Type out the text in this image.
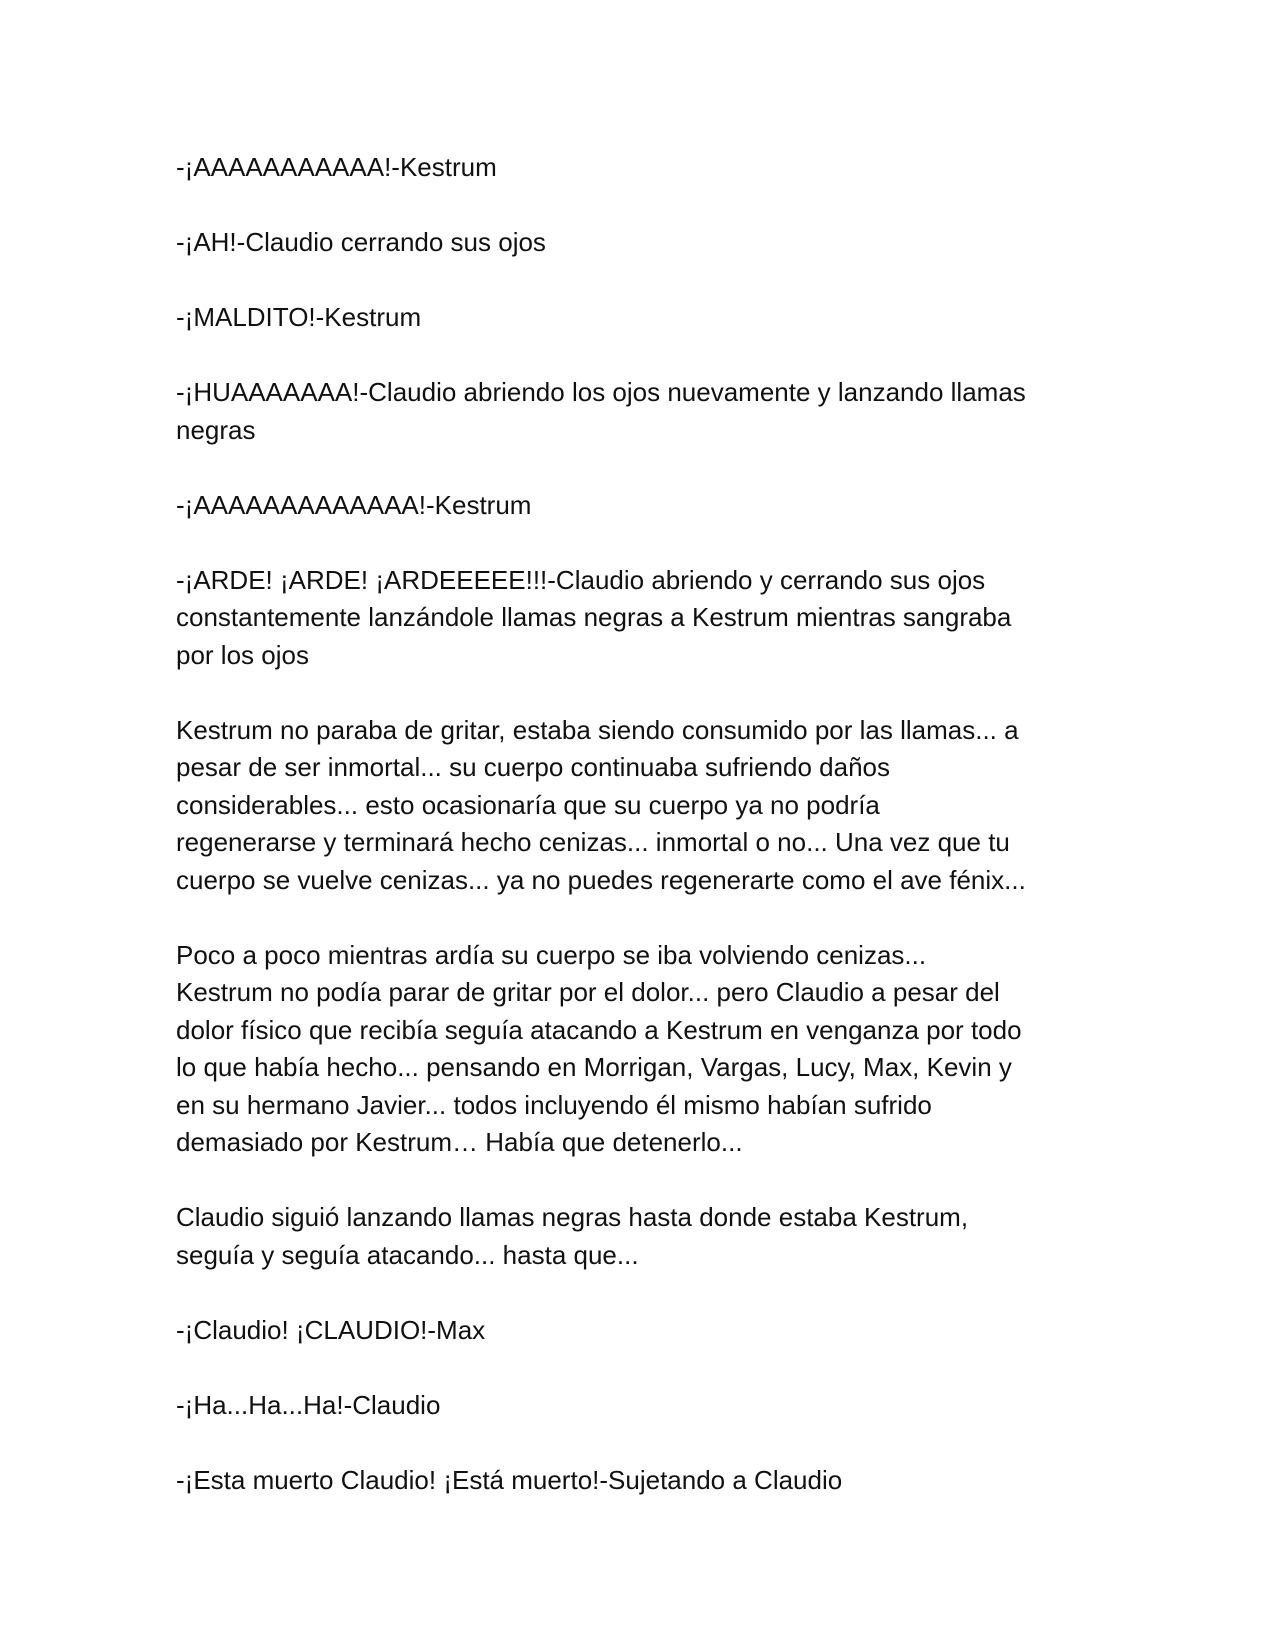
-¡AAAAAAAAAAA!-Kestrum

-¡AH!-Claudio cerrando sus ojos

-¡MALDITO!-Kestrum

-¡HUAAAAAAA!-Claudio abriendo los ojos nuevamente y lanzando llamas
negras

-¡AAAAAAAAAAAAA!-Kestrum

-¡ARDE! ¡ARDE! ¡ARDEEEEE!!!-Claudio abriendo y cerrando sus ojos
constantemente lanzándole llamas negras a Kestrum mientras sangraba
por los ojos

Kestrum no paraba de gritar, estaba siendo consumido por las llamas... a
pesar de ser inmortal... su cuerpo continuaba sufriendo daños
considerables... esto ocasionaría que su cuerpo ya no podría
regenerarse y terminará hecho cenizas... inmortal o no... Una vez que tu
cuerpo se vuelve cenizas... ya no puedes regenerarte como el ave fénix...

Poco a poco mientras ardía su cuerpo se iba volviendo cenizas...
Kestrum no podía parar de gritar por el dolor... pero Claudio a pesar del
dolor físico que recibía seguía atacando a Kestrum en venganza por todo
lo que había hecho... pensando en Morrigan, Vargas, Lucy, Max, Kevin y
en su hermano Javier... todos incluyendo él mismo habían sufrido
demasiado por Kestrum… Había que detenerlo...

Claudio siguió lanzando llamas negras hasta donde estaba Kestrum,
seguía y seguía atacando... hasta que...

-¡Claudio! ¡CLAUDIO!-Max

-¡Ha...Ha...Ha!-Claudio

-¡Esta muerto Claudio! ¡Está muerto!-Sujetando a Claudio
